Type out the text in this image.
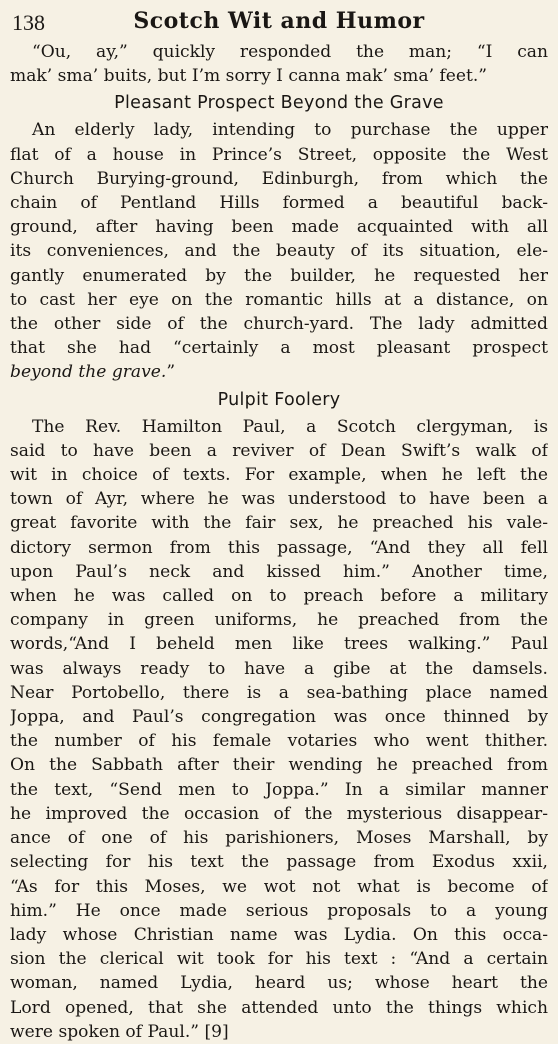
138	Scotch Wit and Humor
“Ou, ay,” quickly responded the man; “I can
mak’ sma’ buits, but I’m sorry I canna mak’ sma’ feet.”
Pleasant Prospect Beyond the Grave
An elderly lady, intending to purchase the upper
flat of a house in Prince’s Street, opposite the West
Church Burying-ground, Edinburgh, from which the
chain of Pentland Hills formed a beautiful back-
ground, after having been made acquainted with all
its conveniences, and the beauty of its situation, ele-
gantly enumerated by the builder, he requested her
to cast her eye on the romantic hills at a distance, on
the other side of the church-yard. The lady admitted
that she had “certainly a most pleasant prospect
beyond the grave.”
Pulpit Foolery
The Rev. Hamilton Paul, a Scotch clergyman, is
said to have been a reviver of Dean Swift’s walk of
wit in choice of texts. For example, when he left the
town of Ayr, where he was understood to have been a
great favorite with the fair sex, he preached his vale-
dictory sermon from this passage, “And they all fell
upon Paul’s neck and kissed him.” Another time,
when he was called on to preach before a military
company in green uniforms, he preached from the
words,“And I beheld men like trees walking.” Paul
was always ready to have a gibe at the damsels.
Near Portobello, there is a sea-bathing place named
Joppa, and Paul’s congregation was once thinned by
the number of his female votaries who went thither.
On the Sabbath after their wending he preached from
the text, “Send men to Joppa.” In a similar manner
he improved the occasion of the mysterious disappear-
ance of one of his parishioners, Moses Marshall, by
selecting for his text the passage from Exodus xxii,
“As for this Moses, we wot not what is become of
him.” He once made serious proposals to a young
lady whose Christian name was Lydia. On this occa-
sion the clerical wit took for his text : “And a certain
woman, named Lydia, heard us; whose heart the
Lord opened, that she attended unto the things which
were spoken of Paul.” [9]
